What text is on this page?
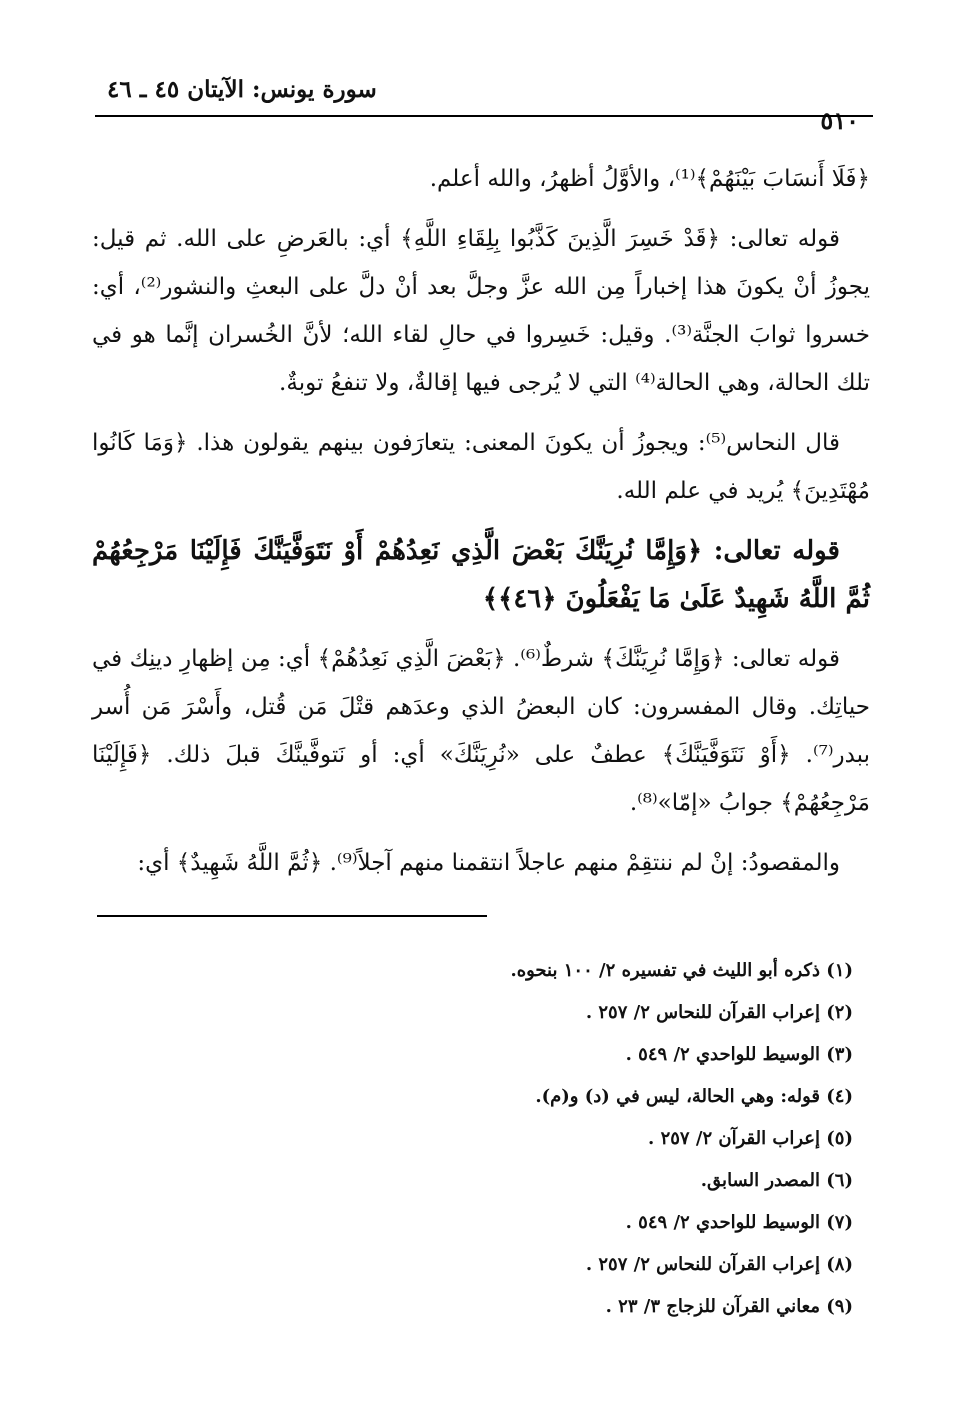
سورة يونس: الآيتان ٤٥ ـ ٤٦
٥١٠

﴿فَلَا أَنسَابَ بَيْنَهُمْ﴾⁽¹⁾، والأوَّلُ أظهرُ، والله أعلم.

قوله تعالى: ﴿قَدْ خَسِرَ الَّذِينَ كَذَّبُوا بِلِقَاءِ اللَّهِ﴾ أي: بالعَرضِ على الله. ثم قيل: يجوزُ أنْ يكونَ هذا إخباراً مِن الله عزَّ وجلَّ بعد أنْ دلَّ على البعثِ والنشور⁽²⁾، أي: خسروا ثوابَ الجنَّة⁽³⁾. وقيل: خَسِروا في حالِ لقاء الله؛ لأنَّ الخُسران إنَّما هو في تلك الحالة، وهي الحالة⁽⁴⁾ التي لا يُرجى فيها إقالةٌ، ولا تنفعُ توبةٌ.

قال النحاس⁽⁵⁾: ويجوزُ أن يكونَ المعنى: يتعارَفون بينهم يقولون هذا. ﴿وَمَا كَانُوا مُهْتَدِينَ﴾ يُريد في علم الله.

قوله تعالى: ﴿وَإِمَّا نُرِيَنَّكَ بَعْضَ الَّذِي نَعِدُهُمْ أَوْ نَتَوَفَّيَنَّكَ فَإِلَيْنَا مَرْجِعُهُمْ ثُمَّ اللَّهُ شَهِيدٌ عَلَىٰ مَا يَفْعَلُونَ ﴿٤٦﴾﴾

قوله تعالى: ﴿وَإِمَّا نُرِيَنَّكَ﴾ شرطٌ⁽⁶⁾. ﴿بَعْضَ الَّذِي نَعِدُهُمْ﴾ أي: مِن إظهارِ دينِك في حياتِك. وقال المفسرون: كان البعضُ الذي وعدَهم قتْلَ مَن قُتل، وأَسْرَ مَن أُسر ببدر⁽⁷⁾. ﴿أَوْ نَتَوَفَّيَنَّكَ﴾ عطفٌ على «نُرِيَنَّكَ» أي: أو نَتوفَّينَّكَ قبلَ ذلك. ﴿فَإِلَيْنَا مَرْجِعُهُمْ﴾ جوابُ «إمّا»⁽⁸⁾.

والمقصودُ: إنْ لم ننتقِمْ منهم عاجلاً انتقمنا منهم آجلاً⁽⁹⁾. ﴿ثُمَّ اللَّهُ شَهِيدٌ﴾ أي:

(١) ذكره أبو الليث في تفسيره ٢/ ١٠٠ بنحوه.

(٢) إعراب القرآن للنحاس ٢/ ٢٥٧ .

(٣) الوسيط للواحدي ٢/ ٥٤٩ .

(٤) قوله: وهي الحالة، ليس في (د) و(م).

(٥) إعراب القرآن ٢/ ٢٥٧ .

(٦) المصدر السابق.

(٧) الوسيط للواحدي ٢/ ٥٤٩ .

(٨) إعراب القرآن للنحاس ٢/ ٢٥٧ .

(٩) معاني القرآن للزجاج ٣/ ٢٣ .
